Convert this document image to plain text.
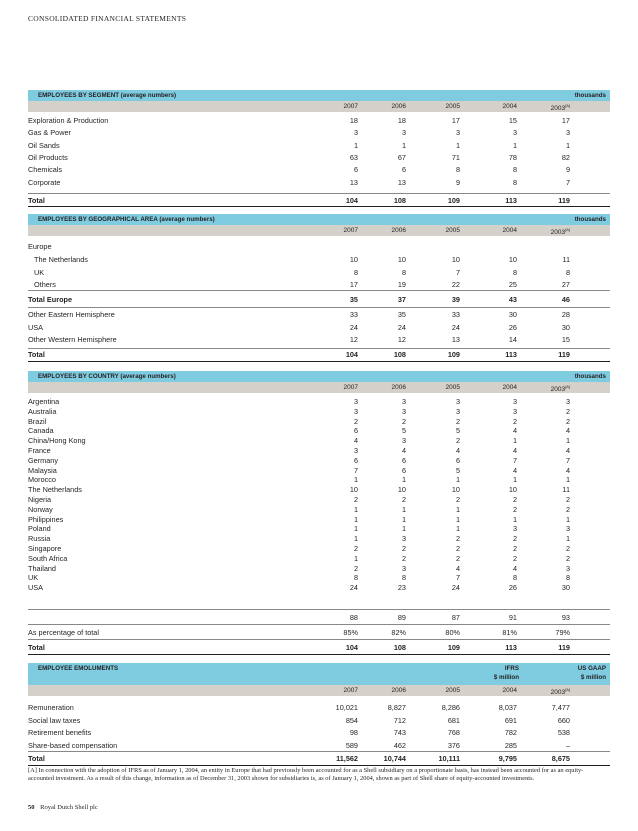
CONSOLIDATED FINANCIAL STATEMENTS
EMPLOYEES BY SEGMENT (average numbers)	thousands
2007	2006	2005	2004	2003[A]
Exploration & Production	18	18	17	15	17
Gas & Power	3	3	3	3	3
Oil Sands	1	1	1	1	1
Oil Products	63	67	71	78	82
Chemicals	6	6	8	8	9
Corporate	13	13	9	8	7
Total	104	108	109	113	119
EMPLOYEES BY GEOGRAPHICAL AREA (average numbers)	thousands
2007	2006	2005	2004	2003[A]
Europe
The Netherlands	10	10	10	10	11
UK	8	8	7	8	8
Others	17	19	22	25	27
Total Europe	35	37	39	43	46
Other Eastern Hemisphere	33	35	33	30	28
USA	24	24	24	26	30
Other Western Hemisphere	12	12	13	14	15
Total	104	108	109	113	119
EMPLOYEES BY COUNTRY (average numbers)	thousands
2007	2006	2005	2004	2003[A]
Argentina	3	3	3	3	3
Australia	3	3	3	3	2
Brazil	2	2	2	2	2
Canada	6	5	5	4	4
China/Hong Kong	4	3	2	1	1
France	3	4	4	4	4
Germany	6	6	6	7	7
Malaysia	7	6	5	4	4
Morocco	1	1	1	1	1
The Netherlands	10	10	10	10	11
Nigeria	2	2	2	2	2
Norway	1	1	1	2	2
Philippines	1	1	1	1	1
Poland	1	1	1	3	3
Russia	1	3	2	2	1
Singapore	2	2	2	2	2
South Africa	1	2	2	2	2
Thailand	2	3	4	4	3
UK	8	8	7	8	8
USA	24	23	24	26	30
88	89	87	91	93
As percentage of total	85%	82%	80%	81%	79%
Total	104	108	109	113	119
EMPLOYEE EMOLUMENTS	IFRS
$ million
US GAAP
$ million
2007	2006	2005	2004	2003[A]
Remuneration	10,021	8,827	8,286	8,037	7,477
Social law taxes	854	712	681	691	660
Retirement benefits	98	743	768	782	538
Share-based compensation	589	462	376	285	–
Total	11,562	10,744	10,111	9,795	8,675
[A] In connection with the adoption of IFRS as of January 1, 2004, an entity in Europe that had previously been accounted for as a Shell subsidiary on a proportionate basis, has instead been accounted for as an equity-accounted investment. As a result of this change, information as of December 31, 2003 shown for subsidiaries is, as of January 1, 2004, shown as part of Shell share of equity-accounted investments.
50 Royal Dutch Shell plc
